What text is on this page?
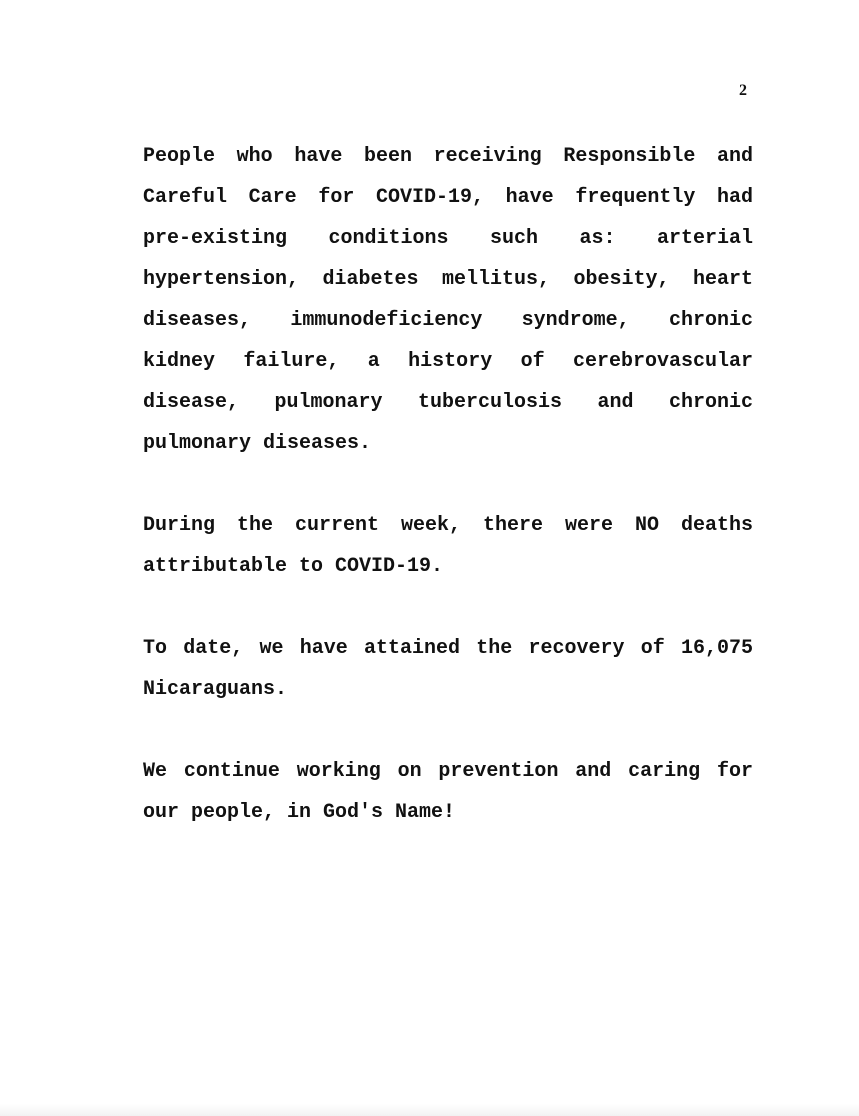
2

People who have been receiving Responsible and Careful Care for COVID-19, have frequently had pre-existing conditions such as: arterial hypertension, diabetes mellitus, obesity, heart diseases, immunodeficiency syndrome, chronic kidney failure, a history of cerebrovascular disease, pulmonary tuberculosis and chronic pulmonary diseases.

During the current week, there were NO deaths attributable to COVID-19.

To date, we have attained the recovery of 16,075 Nicaraguans.

We continue working on prevention and caring for our people, in God's Name!
